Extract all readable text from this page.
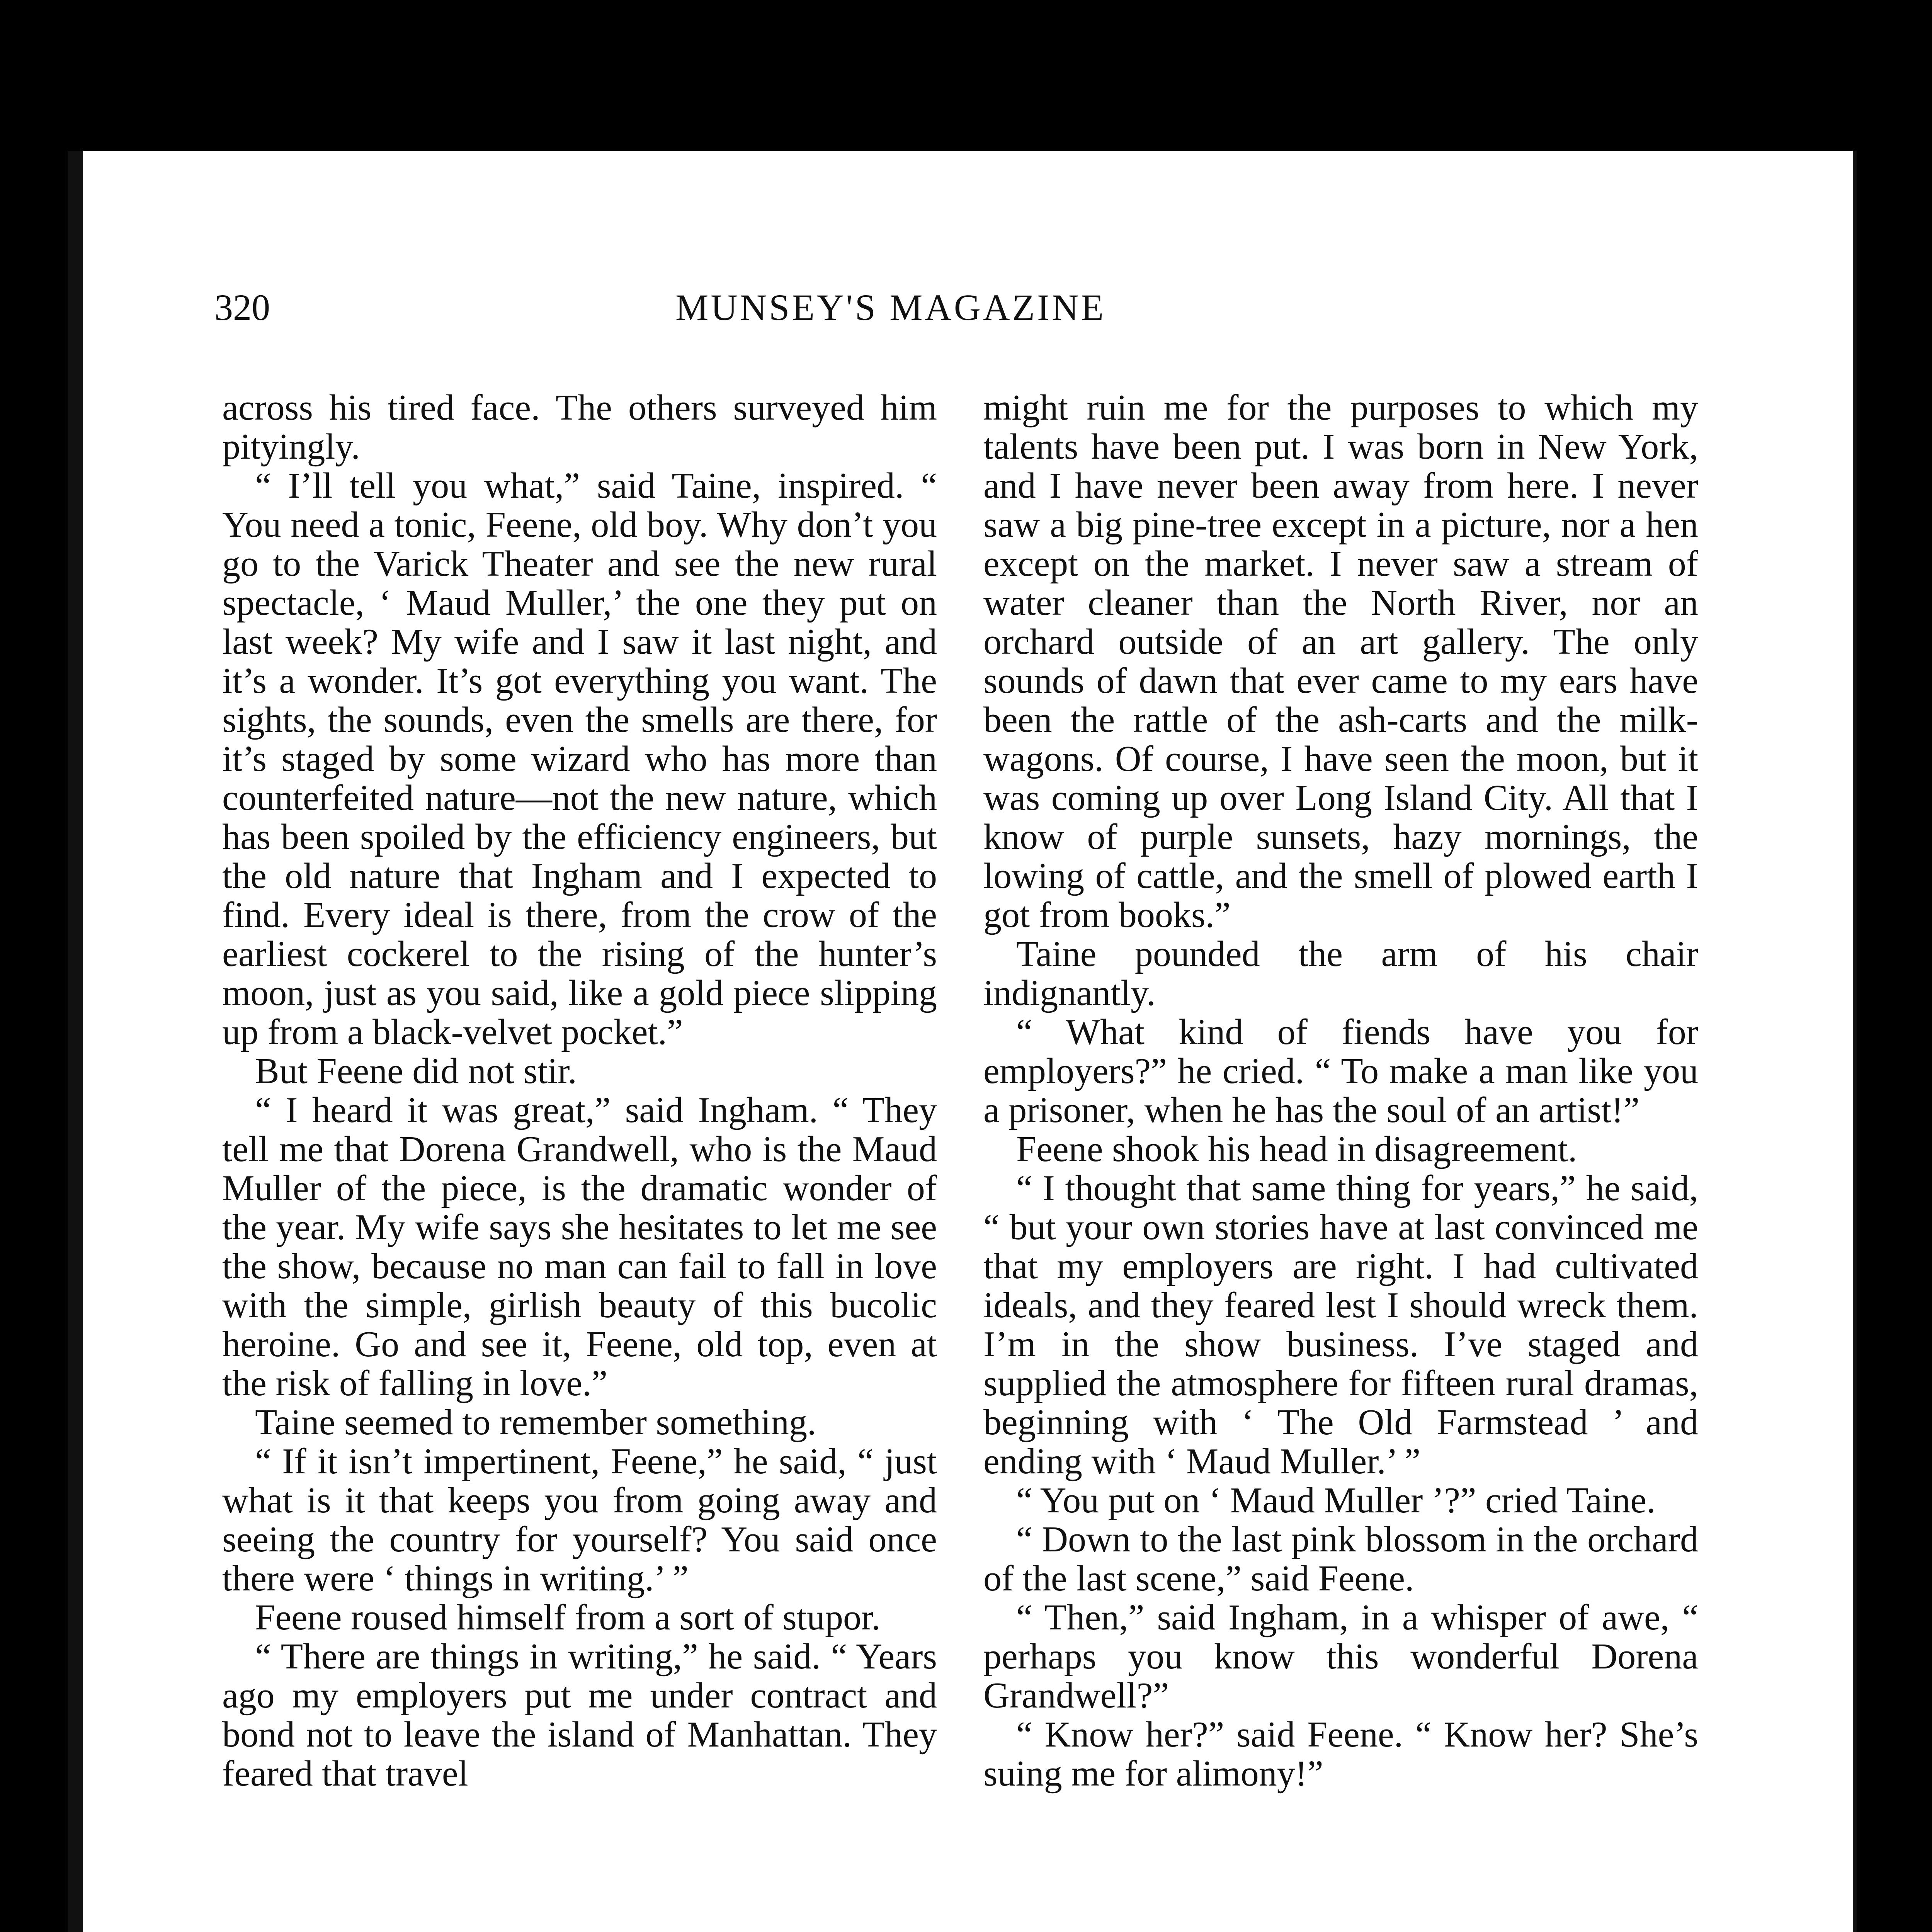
320	MUNSEY'S MAGAZINE

across his tired face. The others surveyed him pityingly.

“ I’ll tell you what,” said Taine, inspired. “ You need a tonic, Feene, old boy. Why don’t you go to the Varick Theater and see the new rural spectacle, ‘ Maud Muller,’ the one they put on last week? My wife and I saw it last night, and it’s a wonder. It’s got everything you want. The sights, the sounds, even the smells are there, for it’s staged by some wizard who has more than counterfeited nature—not the new nature, which has been spoiled by the efficiency engineers, but the old nature that Ingham and I expected to find. Every ideal is there, from the crow of the earliest cockerel to the rising of the hunter’s moon, just as you said, like a gold piece slipping up from a black-velvet pocket.”

But Feene did not stir.

“ I heard it was great,” said Ingham. “ They tell me that Dorena Grandwell, who is the Maud Muller of the piece, is the dramatic wonder of the year. My wife says she hesitates to let me see the show, because no man can fail to fall in love with the simple, girlish beauty of this bucolic heroine. Go and see it, Feene, old top, even at the risk of falling in love.”

Taine seemed to remember something.

“ If it isn’t impertinent, Feene,” he said, “ just what is it that keeps you from going away and seeing the country for yourself? You said once there were ‘ things in writing.’ ”

Feene roused himself from a sort of stupor.

“ There are things in writing,” he said. “ Years ago my employers put me under contract and bond not to leave the island of Manhattan. They feared that travel

might ruin me for the purposes to which my talents have been put. I was born in New York, and I have never been away from here. I never saw a big pine-tree except in a picture, nor a hen except on the market. I never saw a stream of water cleaner than the North River, nor an orchard outside of an art gallery. The only sounds of dawn that ever came to my ears have been the rattle of the ash-carts and the milk-wagons. Of course, I have seen the moon, but it was coming up over Long Island City. All that I know of purple sunsets, hazy mornings, the lowing of cattle, and the smell of plowed earth I got from books.”

Taine pounded the arm of his chair indignantly.

“ What kind of fiends have you for employers?” he cried. “ To make a man like you a prisoner, when he has the soul of an artist!”

Feene shook his head in disagreement.

“ I thought that same thing for years,” he said, “ but your own stories have at last convinced me that my employers are right. I had cultivated ideals, and they feared lest I should wreck them. I’m in the show business. I’ve staged and supplied the atmosphere for fifteen rural dramas, beginning with ‘ The Old Farmstead ’ and ending with ‘ Maud Muller.’ ”

“ You put on ‘ Maud Muller ’?” cried Taine.

“ Down to the last pink blossom in the orchard of the last scene,” said Feene.

“ Then,” said Ingham, in a whisper of awe, “ perhaps you know this wonderful Dorena Grandwell?”

“ Know her?” said Feene. “ Know her? She’s suing me for alimony!”
